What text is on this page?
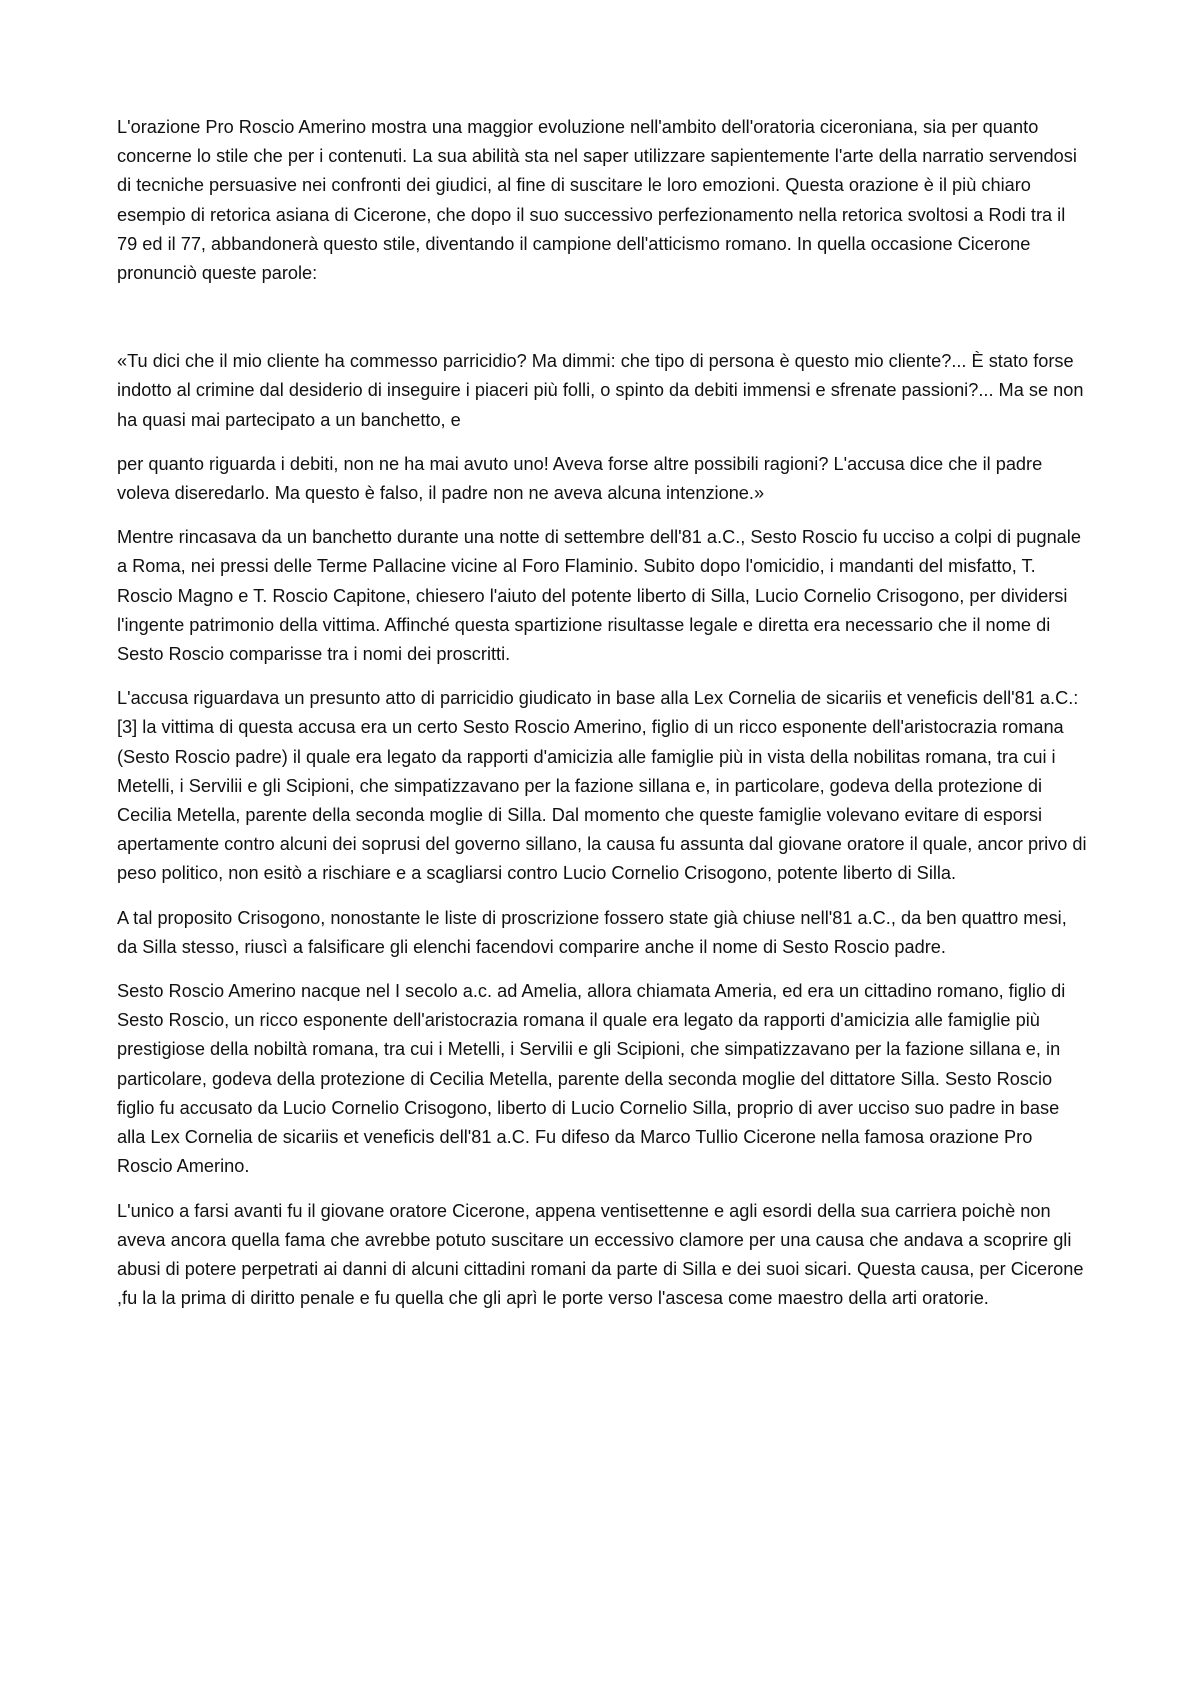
L'orazione Pro Roscio Amerino mostra una maggior evoluzione nell'ambito dell'oratoria ciceroniana, sia per quanto concerne lo stile che per i contenuti. La sua abilità sta nel saper utilizzare sapientemente l'arte della narratio servendosi di tecniche persuasive nei confronti dei giudici, al fine di suscitare le loro emozioni. Questa orazione è il più chiaro esempio di retorica asiana di Cicerone, che dopo il suo successivo perfezionamento nella retorica svoltosi a Rodi tra il 79 ed il 77, abbandonerà questo stile, diventando il campione dell'atticismo romano. In quella occasione Cicerone pronunciò queste parole:

«Tu dici che il mio cliente ha commesso parricidio? Ma dimmi: che tipo di persona è questo mio cliente?... È stato forse indotto al crimine dal desiderio di inseguire i piaceri più folli, o spinto da debiti immensi e sfrenate passioni?... Ma se non ha quasi mai partecipato a un banchetto, e

per quanto riguarda i debiti, non ne ha mai avuto uno! Aveva forse altre possibili ragioni? L'accusa dice che il padre voleva diseredarlo. Ma questo è falso, il padre non ne aveva alcuna intenzione.»

Mentre rincasava da un banchetto durante una notte di settembre dell'81 a.C., Sesto Roscio fu ucciso a colpi di pugnale a Roma, nei pressi delle Terme Pallacine vicine al Foro Flaminio. Subito dopo l'omicidio, i mandanti del misfatto, T. Roscio Magno e T. Roscio Capitone, chiesero l'aiuto del potente liberto di Silla, Lucio Cornelio Crisogono, per dividersi l'ingente patrimonio della vittima. Affinché questa spartizione risultasse legale e diretta era necessario che il nome di Sesto Roscio comparisse tra i nomi dei proscritti.

L'accusa riguardava un presunto atto di parricidio giudicato in base alla Lex Cornelia de sicariis et veneficis dell'81 a.C.:[3] la vittima di questa accusa era un certo Sesto Roscio Amerino, figlio di un ricco esponente dell'aristocrazia romana (Sesto Roscio padre) il quale era legato da rapporti d'amicizia alle famiglie più in vista della nobilitas romana, tra cui i Metelli, i Servilii e gli Scipioni, che simpatizzavano per la fazione sillana e, in particolare, godeva della protezione di Cecilia Metella, parente della seconda moglie di Silla. Dal momento che queste famiglie volevano evitare di esporsi apertamente contro alcuni dei soprusi del governo sillano, la causa fu assunta dal giovane oratore il quale, ancor privo di peso politico, non esitò a rischiare e a scagliarsi contro Lucio Cornelio Crisogono, potente liberto di Silla.

A tal proposito Crisogono, nonostante le liste di proscrizione fossero state già chiuse nell'81 a.C., da ben quattro mesi, da Silla stesso, riuscì a falsificare gli elenchi facendovi comparire anche il nome di Sesto Roscio padre.

Sesto Roscio Amerino nacque nel I secolo a.c. ad Amelia, allora chiamata Ameria, ed era un cittadino romano, figlio di Sesto Roscio, un ricco esponente dell'aristocrazia romana il quale era legato da rapporti d'amicizia alle famiglie più prestigiose della nobiltà romana, tra cui i Metelli, i Servilii e gli Scipioni, che simpatizzavano per la fazione sillana e, in particolare, godeva della protezione di Cecilia Metella, parente della seconda moglie del dittatore Silla. Sesto Roscio figlio fu accusato da Lucio Cornelio Crisogono, liberto di Lucio Cornelio Silla, proprio di aver ucciso suo padre in base alla Lex Cornelia de sicariis et veneficis dell'81 a.C. Fu difeso da Marco Tullio Cicerone nella famosa orazione Pro Roscio Amerino.

L'unico a farsi avanti fu il giovane oratore Cicerone, appena ventisettenne e agli esordi della sua carriera poichè non aveva ancora quella fama che avrebbe potuto suscitare un eccessivo clamore per una causa che andava a scoprire gli abusi di potere perpetrati ai danni di alcuni cittadini romani da parte di Silla e dei suoi sicari. Questa causa, per Cicerone ,fu la la prima di diritto penale e fu quella che gli aprì le porte verso l'ascesa come maestro della arti oratorie.
